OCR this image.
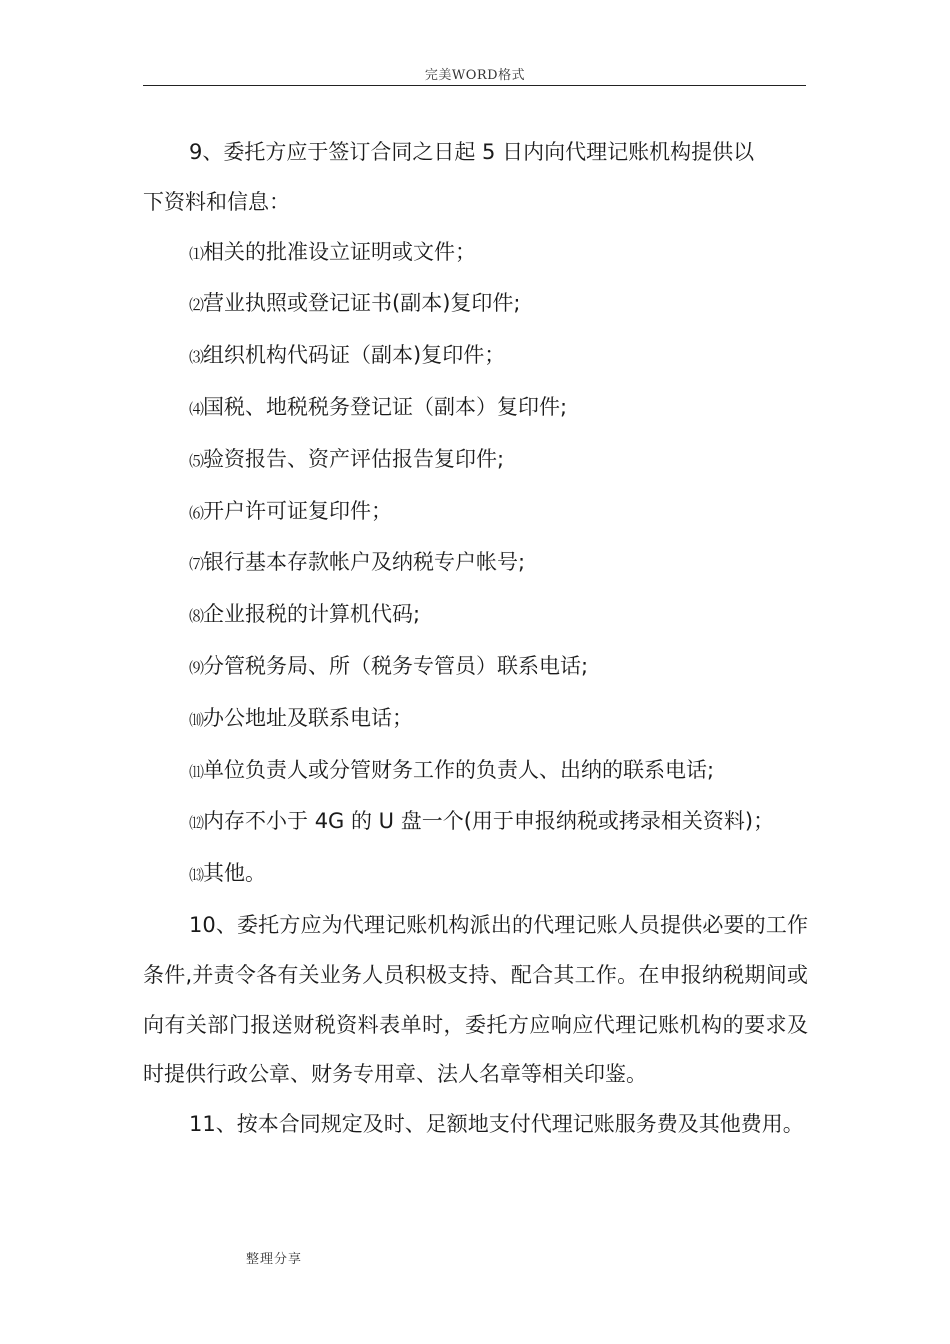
完美WORD格式

9、委托方应于签订合同之日起 5 日内向代理记账机构提供以

下资料和信息：

⑴相关的批准设立证明或文件；

⑵营业执照或登记证书(副本)复印件;

⑶组织机构代码证（副本)复印件；

⑷国税、地税税务登记证（副本）复印件;

⑸验资报告、资产评估报告复印件;

⑹开户许可证复印件；

⑺银行基本存款帐户及纳税专户帐号;

⑻企业报税的计算机代码;

⑼分管税务局、所（税务专管员）联系电话;

⑽办公地址及联系电话；

⑾单位负责人或分管财务工作的负责人、出纳的联系电话;

⑿内存不小于 4G 的 U 盘一个(用于申报纳税或拷录相关资料)；

⒀其他。

10、委托方应为代理记账机构派出的代理记账人员提供必要的工作条件,并责令各有关业务人员积极支持、配合其工作。在申报纳税期间或向有关部门报送财税资料表单时，委托方应响应代理记账机构的要求及时提供行政公章、财务专用章、法人名章等相关印鉴。

11、按本合同规定及时、足额地支付代理记账服务费及其他费用。

整理分享
